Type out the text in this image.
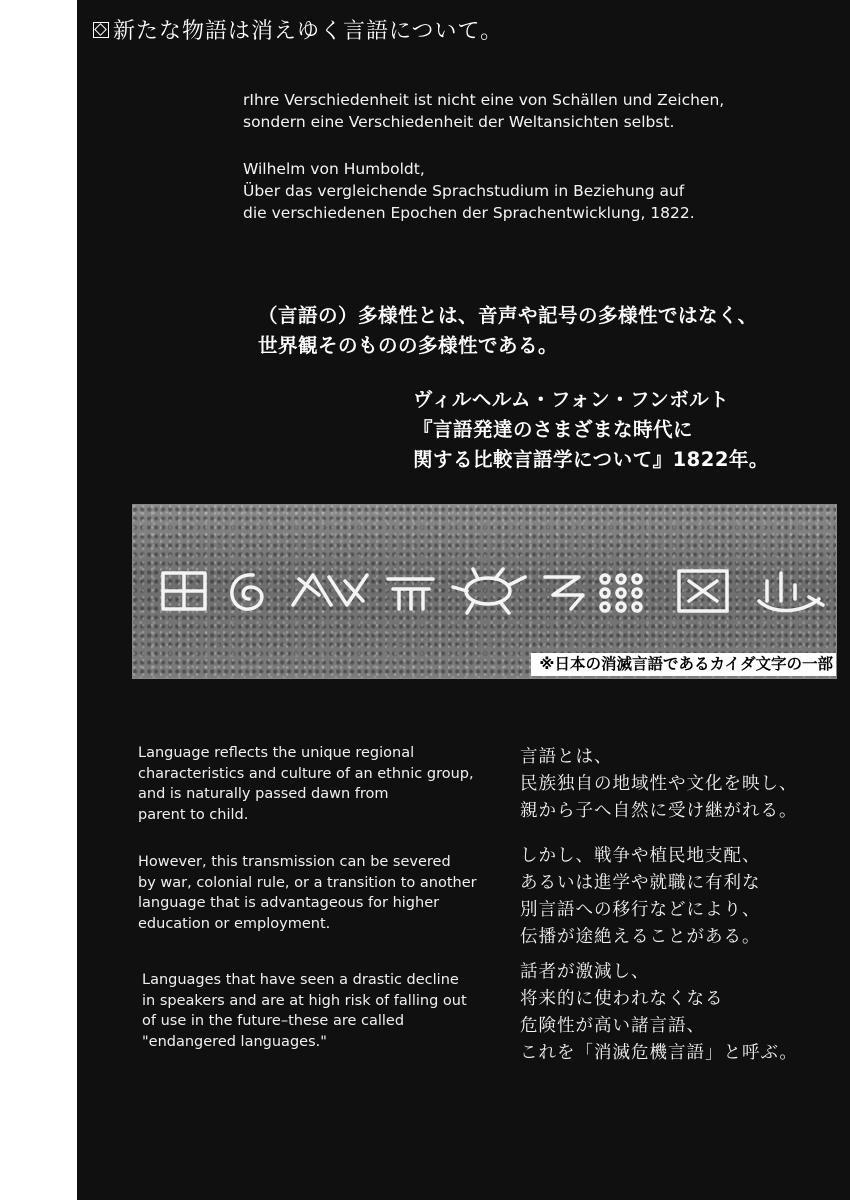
新たな物語は消えゆく言語について。

rIhre Verschiedenheit ist nicht eine von Schällen und Zeichen,

sondern eine Verschiedenheit der Weltansichten selbst.

Wilhelm von Humboldt,

Über das vergleichende Sprachstudium in Beziehung auf

die verschiedenen Epochen der Sprachentwicklung, 1822.

（言語の）多様性とは、音声や記号の多様性ではなく、

世界観そのものの多様性である。

ヴィルヘルム・フォン・フンボルト

『言語発達のさまざまな時代に

関する比較言語学について』1822年。

※日本の消滅言語であるカイダ文字の一部

Language reflects the unique regional

characteristics and culture of an ethnic group,

and is naturally passed dawn from

parent to child.

However, this transmission can be severed

by war, colonial rule, or a transition to another

language that is advantageous for higher

education or employment.

Languages that have seen a drastic decline

in speakers and are at high risk of falling out

of use in the future–these are called

"endangered languages."

言語とは、

民族独自の地域性や文化を映し、

親から子へ自然に受け継がれる。

しかし、戦争や植民地支配、

あるいは進学や就職に有利な

別言語への移行などにより、

伝播が途絶えることがある。

話者が激減し、

将来的に使われなくなる

危険性が高い諸言語、

これを「消滅危機言語」と呼ぶ。
